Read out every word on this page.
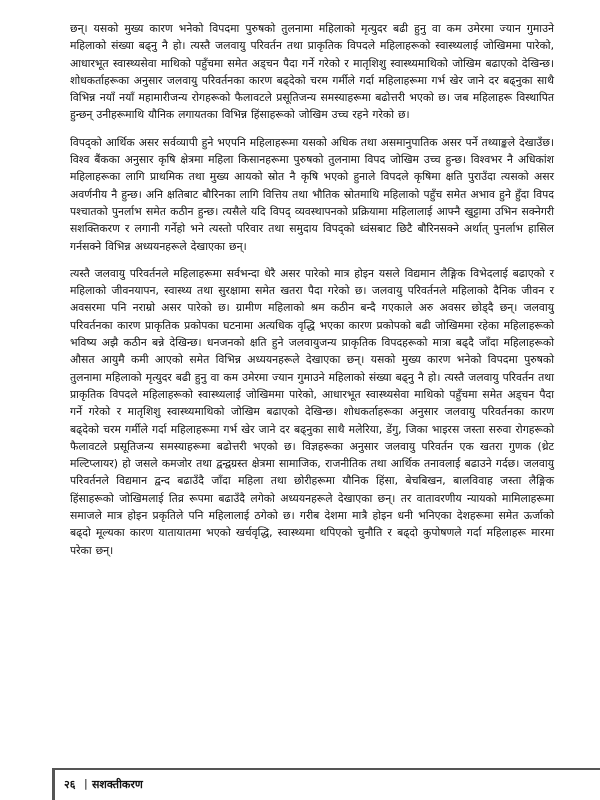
छन्। यसको मुख्य कारण भनेको विपदमा पुरुषको तुलनामा महिलाको मृत्युदर बढी हुनु वा कम उमेरमा ज्यान गुमाउने महिलाको संख्या बढ्नु नै हो। त्यस्तै जलवायु परिवर्तन तथा प्राकृतिक विपदले महिलाहरूको स्वास्थ्यलाई जोखिममा पारेको, आधारभूत स्वास्थ्यसेवा माथिको पहुँचमा समेत अड्चन पैदा गर्ने गरेको र मातृशिशु स्वास्थ्यमाथिको जोखिम बढाएको देखिन्छ। शोधकर्ताहरूका अनुसार जलवायु परिवर्तनका कारण बढ्देको चरम गर्मीले गर्दा महिलाहरूमा गर्भ खेर जाने दर बढ्नुका साथै विभिन्न नयाँ नयाँ महामारीजन्य रोगहरूको फैलावटले प्रसूतिजन्य समस्याहरूमा बढोत्तरी भएको छ। जब महिलाहरू विस्थापित हुन्छन् उनीहरूमाथि यौनिक लगायतका विभिन्न हिंसाहरूको जोखिम उच्च रहने गरेको छ।

विपद्को आर्थिक असर सर्वव्यापी हुने भएपनि महिलाहरूमा यसको अधिक तथा असमानुपातिक असर पर्ने तथ्याङ्कले देखाउँछ। विश्व बैंकका अनुसार कृषि क्षेत्रमा महिला किसानहरूमा पुरुषको तुलनामा विपद जोखिम उच्च हुन्छ। विश्वभर नै अधिकांश महिलाहरूका लागि प्राथमिक तथा मुख्य आयको स्रोत नै कृषि भएकाे हुनाले विपदले कृषिमा क्षति पुराउँदा त्यसको असर अवर्णनीय नै हुन्छ। अनि क्षतिबाट बौरिनका लागि वित्तिय तथा भौतिक स्रोतमाथि महिलाको पहुँच समेत अभाव हुने हुँदा विपद पश्चातको पुनर्लाभ समेत कठीन हुन्छ। त्यसैले यदि विपद् व्यवस्थापनको प्रक्रियामा महिलालाई आफ्नै खुट्टामा उभिन सक्नेगरी सशक्तिकरण र लगानी गर्नेहो भने त्यस्तो परिवार तथा समुदाय विपद्को ध्वंसबाट छिटै बौरिनसक्ने अर्थात् पुनर्लाभ हासिल गर्नसक्ने विभिन्न अध्ययनहरूले देखाएका छन्।

त्यस्तै जलवायु परिवर्तनले महिलाहरूमा सर्वभन्दा धेरै असर पारेको मात्र होइन यसले विद्यमान लैङ्गिक विभेदलाई बढाएको र महिलाको जीवनयापन, स्वास्थ्य तथा सुरक्षामा समेत खतरा पैदा गरेको छ। जलवायु परिवर्तनले महिलाको दैनिक जीवन र अवसरमा पनि नराम्रो असर पारेको छ। ग्रामीण महिलाको श्रम कठीन बन्दै गएकाले अरु अवसर छोड्दै छन्। जलवायु परिवर्तनका कारण प्राकृतिक प्रकोपका घटनामा अत्यधिक वृद्धि भएका कारण प्रकोपको बढी जोखिममा रहेका महिलाहरूको भविष्य अझै कठीन बन्ने देखिन्छ। धनजनको क्षति हुने जलवायुजन्य प्राकृतिक विपदहरूको मात्रा बढ्दै जाँदा महिलाहरूको औसत आयुमै कमी आएको समेत विभिन्न अध्ययनहरूले देखाएका छन्। यसको मुख्य कारण भनेको विपदमा पुरुषको तुलनामा महिलाको मृत्युदर बढी हुनु वा कम उमेरमा ज्यान गुमाउने महिलाको संख्या बढ्नु नै हो। त्यस्तै जलवायु परिवर्तन तथा प्राकृतिक विपदले महिलाहरूको स्वास्थ्यलाई जोखिममा पारेको, आधारभूत स्वास्थ्यसेवा माथिको पहुँचमा समेत अड्चन पैदा गर्ने गरेको र मातृशिशु स्वास्थ्यमाथिको जोखिम बढाएको देखिन्छ। शोधकर्ताहरूका अनुसार जलवायु परिवर्तनका कारण बढ्देको चरम गर्मीले गर्दा महिलाहरूमा गर्भ खेर जाने दर बढ्नुका साथै मलेरिया, डेंगु, जिका भाइरस जस्ता सरुवा रोगहरूको फैलावटले प्रसूतिजन्य समस्याहरूमा बढोत्तरी भएको छ। विज्ञहरूका अनुसार जलवायु परिवर्तन एक खतरा गुणक (थ्रेट मल्टिप्लायर) हो जसले कमजोर तथा द्वन्द्वग्रस्त क्षेत्रमा सामाजिक, राजनीतिक तथा आर्थिक तनावलाई बढाउने गर्दछ। जलवायु परिवर्तनले विद्यमान द्वन्द बढाउँदै जाँदा महिला तथा छोरीहरूमा यौनिक हिंसा, बेचबिखन, बालविवाह जस्ता लैङ्गिक हिंसाहरूको जोखिमलाई तिव्र रूपमा बढाउँदै लगेको अध्ययनहरूले देखाएका छन्। तर वातावरणीय न्यायको मामिलाहरूमा समाजले मात्र होइन प्रकृतिले पनि महिलालाई ठगेको छ। गरीब देशमा मात्रै होइन धनी भनिएका देशहरूमा समेत ऊर्जाको बढ्दो मूल्यका कारण यातायातमा भएको खर्चवृद्धि, स्वास्थ्यमा थपिएको चुनौति र बढ्दो कुपोषणले गर्दा महिलाहरू मारमा परेका छन्।

२६ | सशक्तीकरण
